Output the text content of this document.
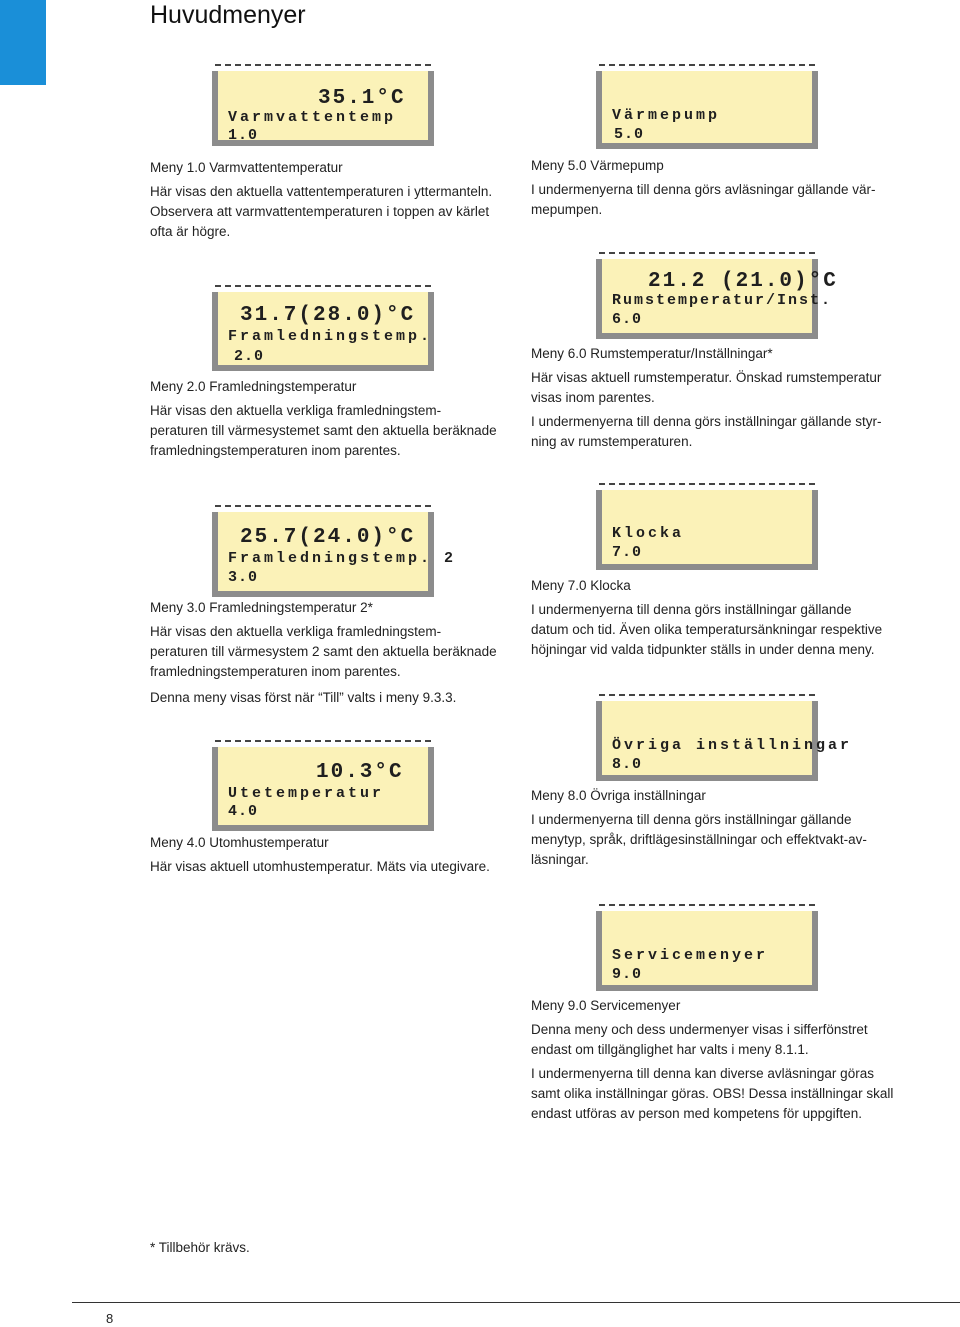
Huvudmenyer
35.1°C
Varmvattentemp
1.0

Meny 1.0 Varmvattentemperatur

Här visas den aktuella vattentemperaturen i yttermanteln.
Observera att varmvattentemperaturen i toppen av kärlet
ofta är högre.
31.7(28.0)°C
Framledningstemp.
2.0

Meny 2.0 Framledningstemperatur

Här visas den aktuella verkliga framledningstem-
peraturen till värmesystemet samt den aktuella beräknade
framledningstemperaturen inom parentes.
25.7(24.0)°C
Framledningstemp. 2
3.0

Meny 3.0 Framledningstemperatur 2*

Här visas den aktuella verkliga framledningstem-
peraturen till värmesystem 2 samt den aktuella beräknade
framledningstemperaturen inom parentes.

Denna meny visas först när “Till” valts i meny 9.3.3.

10.3°C
Utetemperatur
4.0

Meny 4.0 Utomhustemperatur

Här visas aktuell utomhustemperatur. Mäts via utegivare.
Värmepump
5.0

Meny 5.0 Värmepump

I undermenyerna till denna görs avläsningar gällande vär-
mepumpen.
21.2 (21.0)°C
Rumstemperatur/Inst.
6.0

Meny 6.0 Rumstemperatur/Inställningar*

Här visas aktuell rumstemperatur. Önskad rumstemperatur
visas inom parentes.
I undermenyerna till denna görs inställningar gällande styr-
ning av rumstemperaturen.
Klocka
7.0

Meny 7.0 Klocka

I undermenyerna till denna görs inställningar gällande
datum och tid. Även olika temperatursänkningar respektive
höjningar vid valda tidpunkter ställs in under denna meny.
Övriga inställningar
8.0

Meny 8.0 Övriga inställningar

I undermenyerna till denna görs inställningar gällande
menytyp, språk, driftlägesinställningar och effektvakt-av-
läsningar.
Servicemenyer
9.0

Meny 9.0 Servicemenyer

Denna meny och dess undermenyer visas i sifferfönstret
endast om tillgänglighet har valts i meny 8.1.1.
I undermenyerna till denna kan diverse avläsningar göras
samt olika inställningar göras. OBS! Dessa inställningar skall
endast utföras av person med kompetens för uppgiften.
* Tillbehör krävs.
8
